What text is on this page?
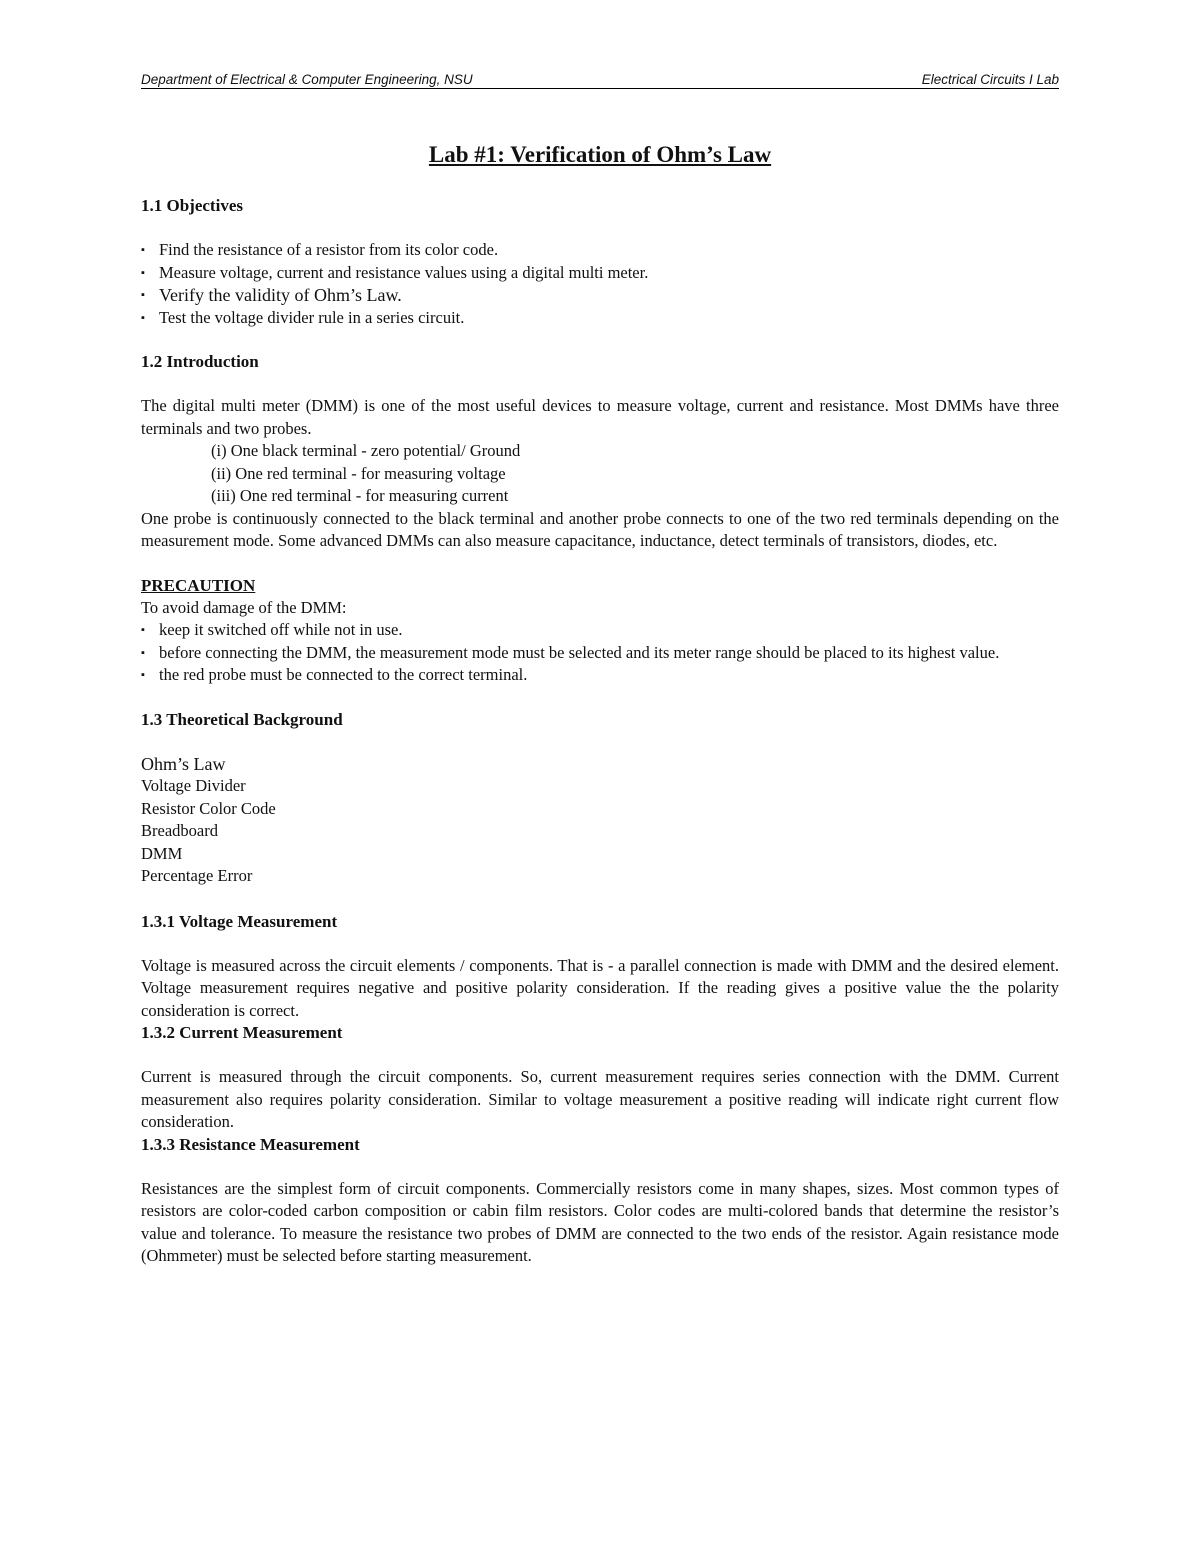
Department of Electrical & Computer Engineering, NSU	Electrical Circuits I Lab
Lab #1: Verification of Ohm’s Law
1.1 Objectives
▪ Find the resistance of a resistor from its color code.
▪ Measure voltage, current and resistance values using a digital multi meter.
▪ Verify the validity of Ohm’s Law.
▪ Test the voltage divider rule in a series circuit.
1.2 Introduction

The digital multi meter (DMM) is one of the most useful devices to measure voltage, current and resistance. Most DMMs have three terminals and two probes.

(i) One black terminal - zero potential/ Ground
(ii) One red terminal - for measuring voltage
(iii) One red terminal - for measuring current

One probe is continuously connected to the black terminal and another probe connects to one of the two red terminals depending on the measurement mode. Some advanced DMMs can also measure capacitance, inductance, detect terminals of transistors, diodes, etc.

PRECAUTION
To avoid damage of the DMM:
▪ keep it switched off while not in use.
▪ before connecting the DMM, the measurement mode must be selected and its meter range should be placed to its highest value.
▪ the red probe must be connected to the correct terminal.
1.3 Theoretical Background
Ohm’s Law
Voltage Divider
Resistor Color Code
Breadboard
DMM
Percentage Error
1.3.1 Voltage Measurement

Voltage is measured across the circuit elements / components. That is - a parallel connection is made with DMM and the desired element. Voltage measurement requires negative and positive polarity consideration. If the reading gives a positive value the the polarity consideration is correct.

1.3.2 Current Measurement

Current is measured through the circuit components. So, current measurement requires series connection with the DMM. Current measurement also requires polarity consideration. Similar to voltage measurement a positive reading will indicate right current flow consideration.

1.3.3 Resistance Measurement

Resistances are the simplest form of circuit components. Commercially resistors come in many shapes, sizes. Most common types of resistors are color-coded carbon composition or cabin film resistors. Color codes are multi-colored bands that determine the resistor’s value and tolerance. To measure the resistance two probes of DMM are connected to the two ends of the resistor. Again resistance mode (Ohmmeter) must be selected before starting measurement.
